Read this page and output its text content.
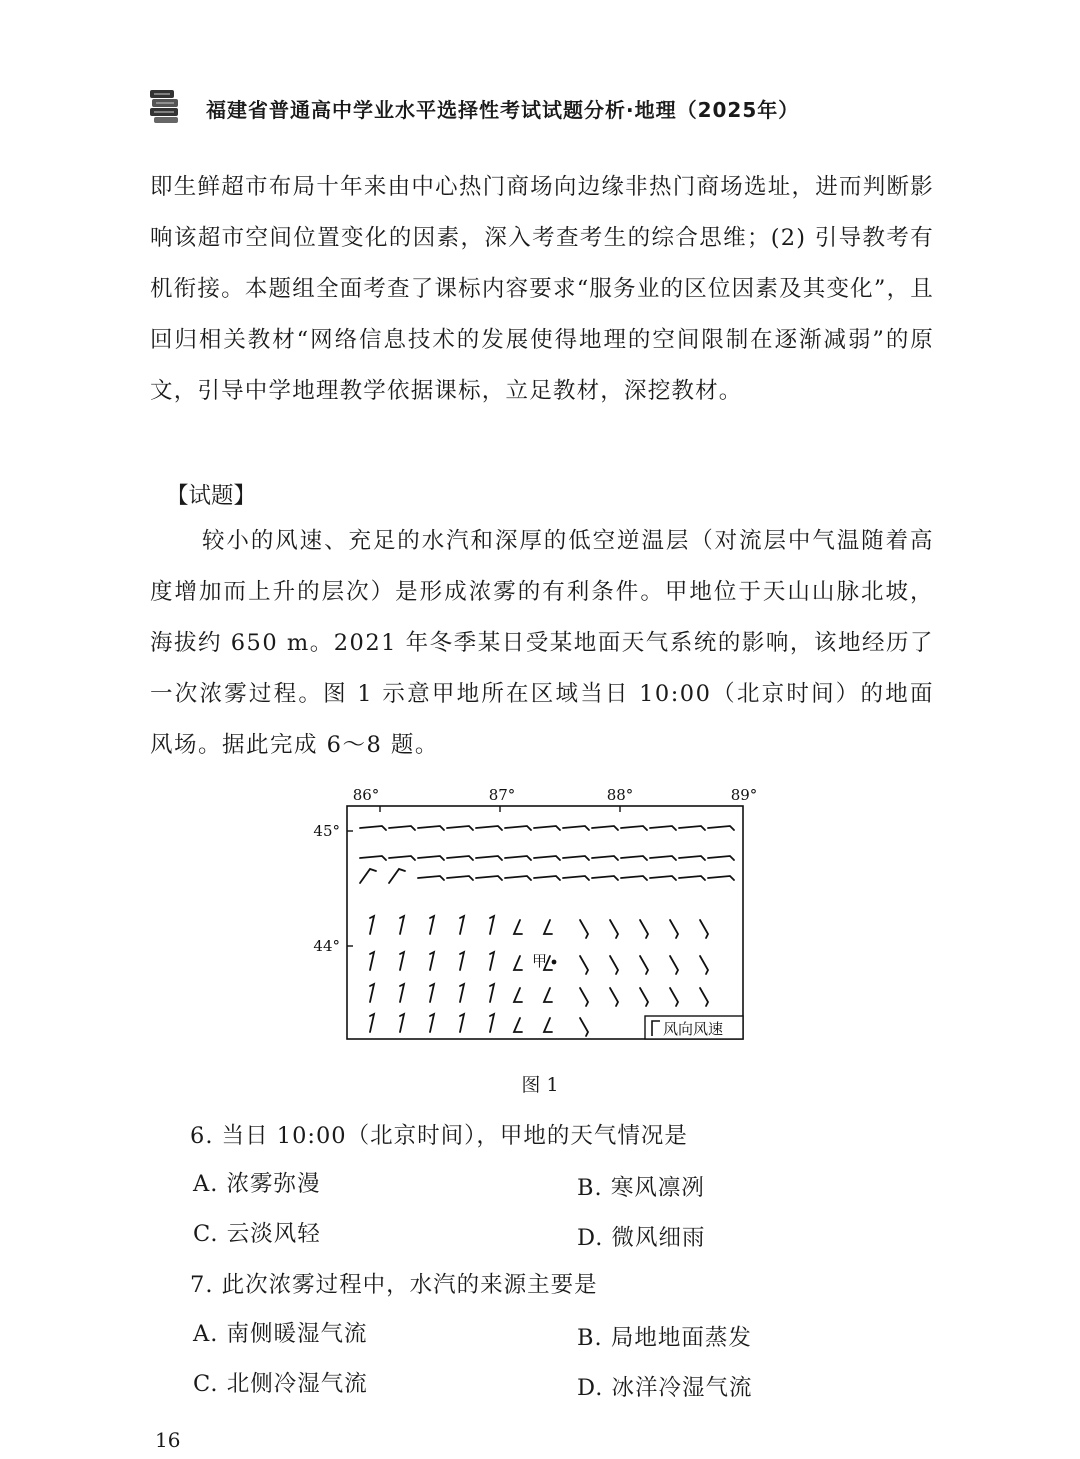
福建省普通高中学业水平选择性考试试题分析·地理（2025年）
即生鲜超市布局十年来由中心热门商场向边缘非热门商场选址，进而判断影响该超市空间位置变化的因素，深入考查考生的综合思维；(2) 引导教考有机衔接。本题组全面考查了课标内容要求“服务业的区位因素及其变化”，且回归相关教材“网络信息技术的发展使得地理的空间限制在逐渐减弱”的原文，引导中学地理教学依据课标，立足教材，深挖教材。
【试题】
较小的风速、充足的水汽和深厚的低空逆温层（对流层中气温随着高度增加而上升的层次）是形成浓雾的有利条件。甲地位于天山山脉北坡，海拔约 650 m。2021 年冬季某日受某地面天气系统的影响，该地经历了一次浓雾过程。图 1 示意甲地所在区域当日 10:00（北京时间）的地面风场。据此完成 6～8 题。
86°	87°	88°	89°
45°
44°
甲
风向风速
图 1
6. 当日 10:00（北京时间），甲地的天气情况是
A. 浓雾弥漫	B. 寒风凛冽
C. 云淡风轻	D. 微风细雨
7. 此次浓雾过程中，水汽的来源主要是
A. 南侧暖湿气流	B. 局地地面蒸发
C. 北侧冷湿气流	D. 冰洋冷湿气流
16
